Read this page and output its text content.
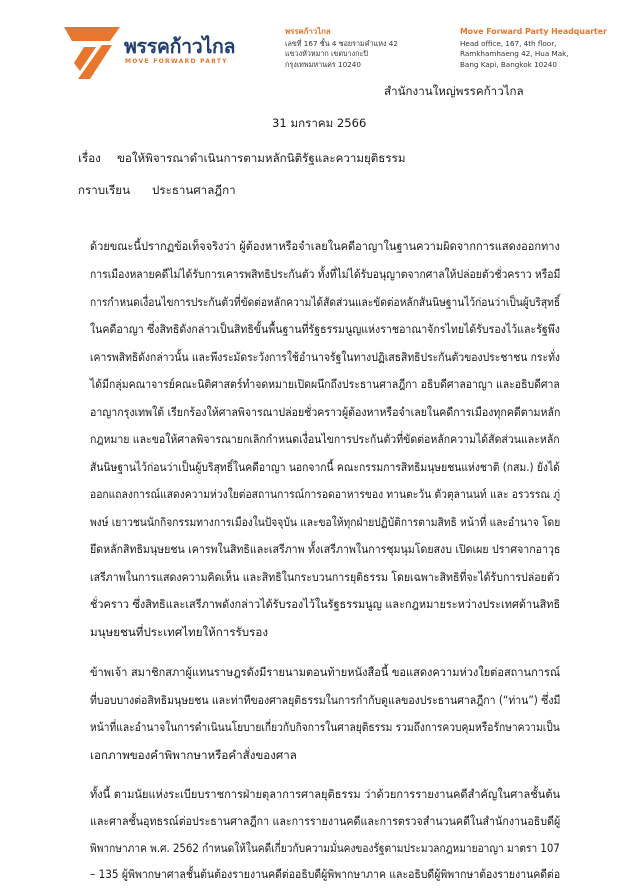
พรรคก้าวไกล
MOVE FORWARD PARTY
พรรคก้าวไกล
เลขที่ 167 ชั้น 4 ซอยรามคำแหง 42
แขวงหัวหมาก เขตบางกะปิ
กรุงเทพมหานคร 10240
Move Forward Party Headquarter
Head office, 167, 4th floor,
Ramkhamhaeng 42, Hua Mak,
Bang Kapi, Bangkok 10240
สำนักงานใหญ่พรรคก้าวไกล
31 มกราคม 2566
เรื่อง ขอให้พิจารณาดำเนินการตามหลักนิติรัฐและความยุติธรรม
กราบเรียน ประธานศาลฎีกา
ด้วยขณะนี้ปรากฏข้อเท็จจริงว่า ผู้ต้องหาหรือจำเลยในคดีอาญาในฐานความผิดจากการแสดงออกทาง
การเมืองหลายคดีไม่ได้รับการเคารพสิทธิประกันตัว ทั้งที่ไม่ได้รับอนุญาตจากศาลให้ปล่อยตัวชั่วคราว หรือมี
การกำหนดเงื่อนไขการประกันตัวที่ขัดต่อหลักความได้สัดส่วนและขัดต่อหลักสันนิษฐานไว้ก่อนว่าเป็นผู้บริสุทธิ์
ในคดีอาญา ซึ่งสิทธิดังกล่าวเป็นสิทธิขั้นพื้นฐานที่รัฐธรรมนูญแห่งราชอาณาจักรไทยได้รับรองไว้และรัฐพึง
เคารพสิทธิดังกล่าวนั้น และพึงระมัดระวังการใช้อำนาจรัฐในทางปฏิเสธสิทธิประกันตัวของประชาชน กระทั่ง
ได้มีกลุ่มคณาจารย์คณะนิติศาสตร์ทำจดหมายเปิดผนึกถึงประธานศาลฎีกา อธิบดีศาลอาญา และอธิบดีศาล
อาญากรุงเทพใต้ เรียกร้องให้ศาลพิจารณาปล่อยชั่วคราวผู้ต้องหาหรือจำเลยในคดีการเมืองทุกคดีตามหลัก
กฎหมาย และขอให้ศาลพิจารณายกเลิกกำหนดเงื่อนไขการประกันตัวที่ขัดต่อหลักความได้สัดส่วนและหลัก
สันนิษฐานไว้ก่อนว่าเป็นผู้บริสุทธิ์ในคดีอาญา นอกจากนี้ คณะกรรมการสิทธิมนุษยชนแห่งชาติ (กสม.) ยังได้
ออกแถลงการณ์แสดงความห่วงใยต่อสถานการณ์การอดอาหารของ ทานตะวัน ตัวตุลานนท์ และ อรวรรณ ภู่
พงษ์ เยาวชนนักกิจกรรมทางการเมืองในปัจจุบัน และขอให้ทุกฝ่ายปฏิบัติการตามสิทธิ หน้าที่ และอำนาจ โดย
ยึดหลักสิทธิมนุษยชน เคารพในสิทธิและเสรีภาพ ทั้งเสรีภาพในการชุมนุมโดยสงบ เปิดเผย ปราศจากอาวุธ
เสรีภาพในการแสดงความคิดเห็น และสิทธิในกระบวนการยุติธรรม โดยเฉพาะสิทธิที่จะได้รับการปล่อยตัว
ชั่วคราว ซึ่งสิทธิและเสรีภาพดังกล่าวได้รับรองไว้ในรัฐธรรมนูญ และกฎหมายระหว่างประเทศด้านสิทธิ
มนุษยชนที่ประเทศไทยให้การรับรอง
ข้าพเจ้า สมาชิกสภาผู้แทนราษฎรดังมีรายนามตอนท้ายหนังสือนี้ ขอแสดงความห่วงใยต่อสถานการณ์
ที่บอบบางต่อสิทธิมนุษยชน และท่าทีของศาลยุติธรรมในการกำกับดูแลของประธานศาลฎีกา (“ท่าน”) ซึ่งมี
หน้าที่และอำนาจในการดำเนินนโยบายเกี่ยวกับกิจการในศาลยุติธรรม รวมถึงการควบคุมหรือรักษาความเป็น
เอกภาพของคำพิพากษาหรือคำสั่งของศาล
ทั้งนี้ ตามนัยแห่งระเบียบราชการฝ่ายตุลาการศาลยุติธรรม ว่าด้วยการรายงานคดีสำคัญในศาลชั้นต้น
และศาลชั้นอุทธรณ์ต่อประธานศาลฎีกา และการรายงานคดีและการตรวจสำนวนคดีในสำนักงานอธิบดีผู้
พิพากษาภาค พ.ศ. 2562 กำหนดให้ในคดีเกี่ยวกับความมั่นคงของรัฐตามประมวลกฎหมายอาญา มาตรา 107
– 135 ผู้พิพากษาศาลชั้นต้นต้องรายงานคดีต่ออธิบดีผู้พิพากษาภาค และอธิบดีผู้พิพากษาต้องรายงานคดีต่อ
